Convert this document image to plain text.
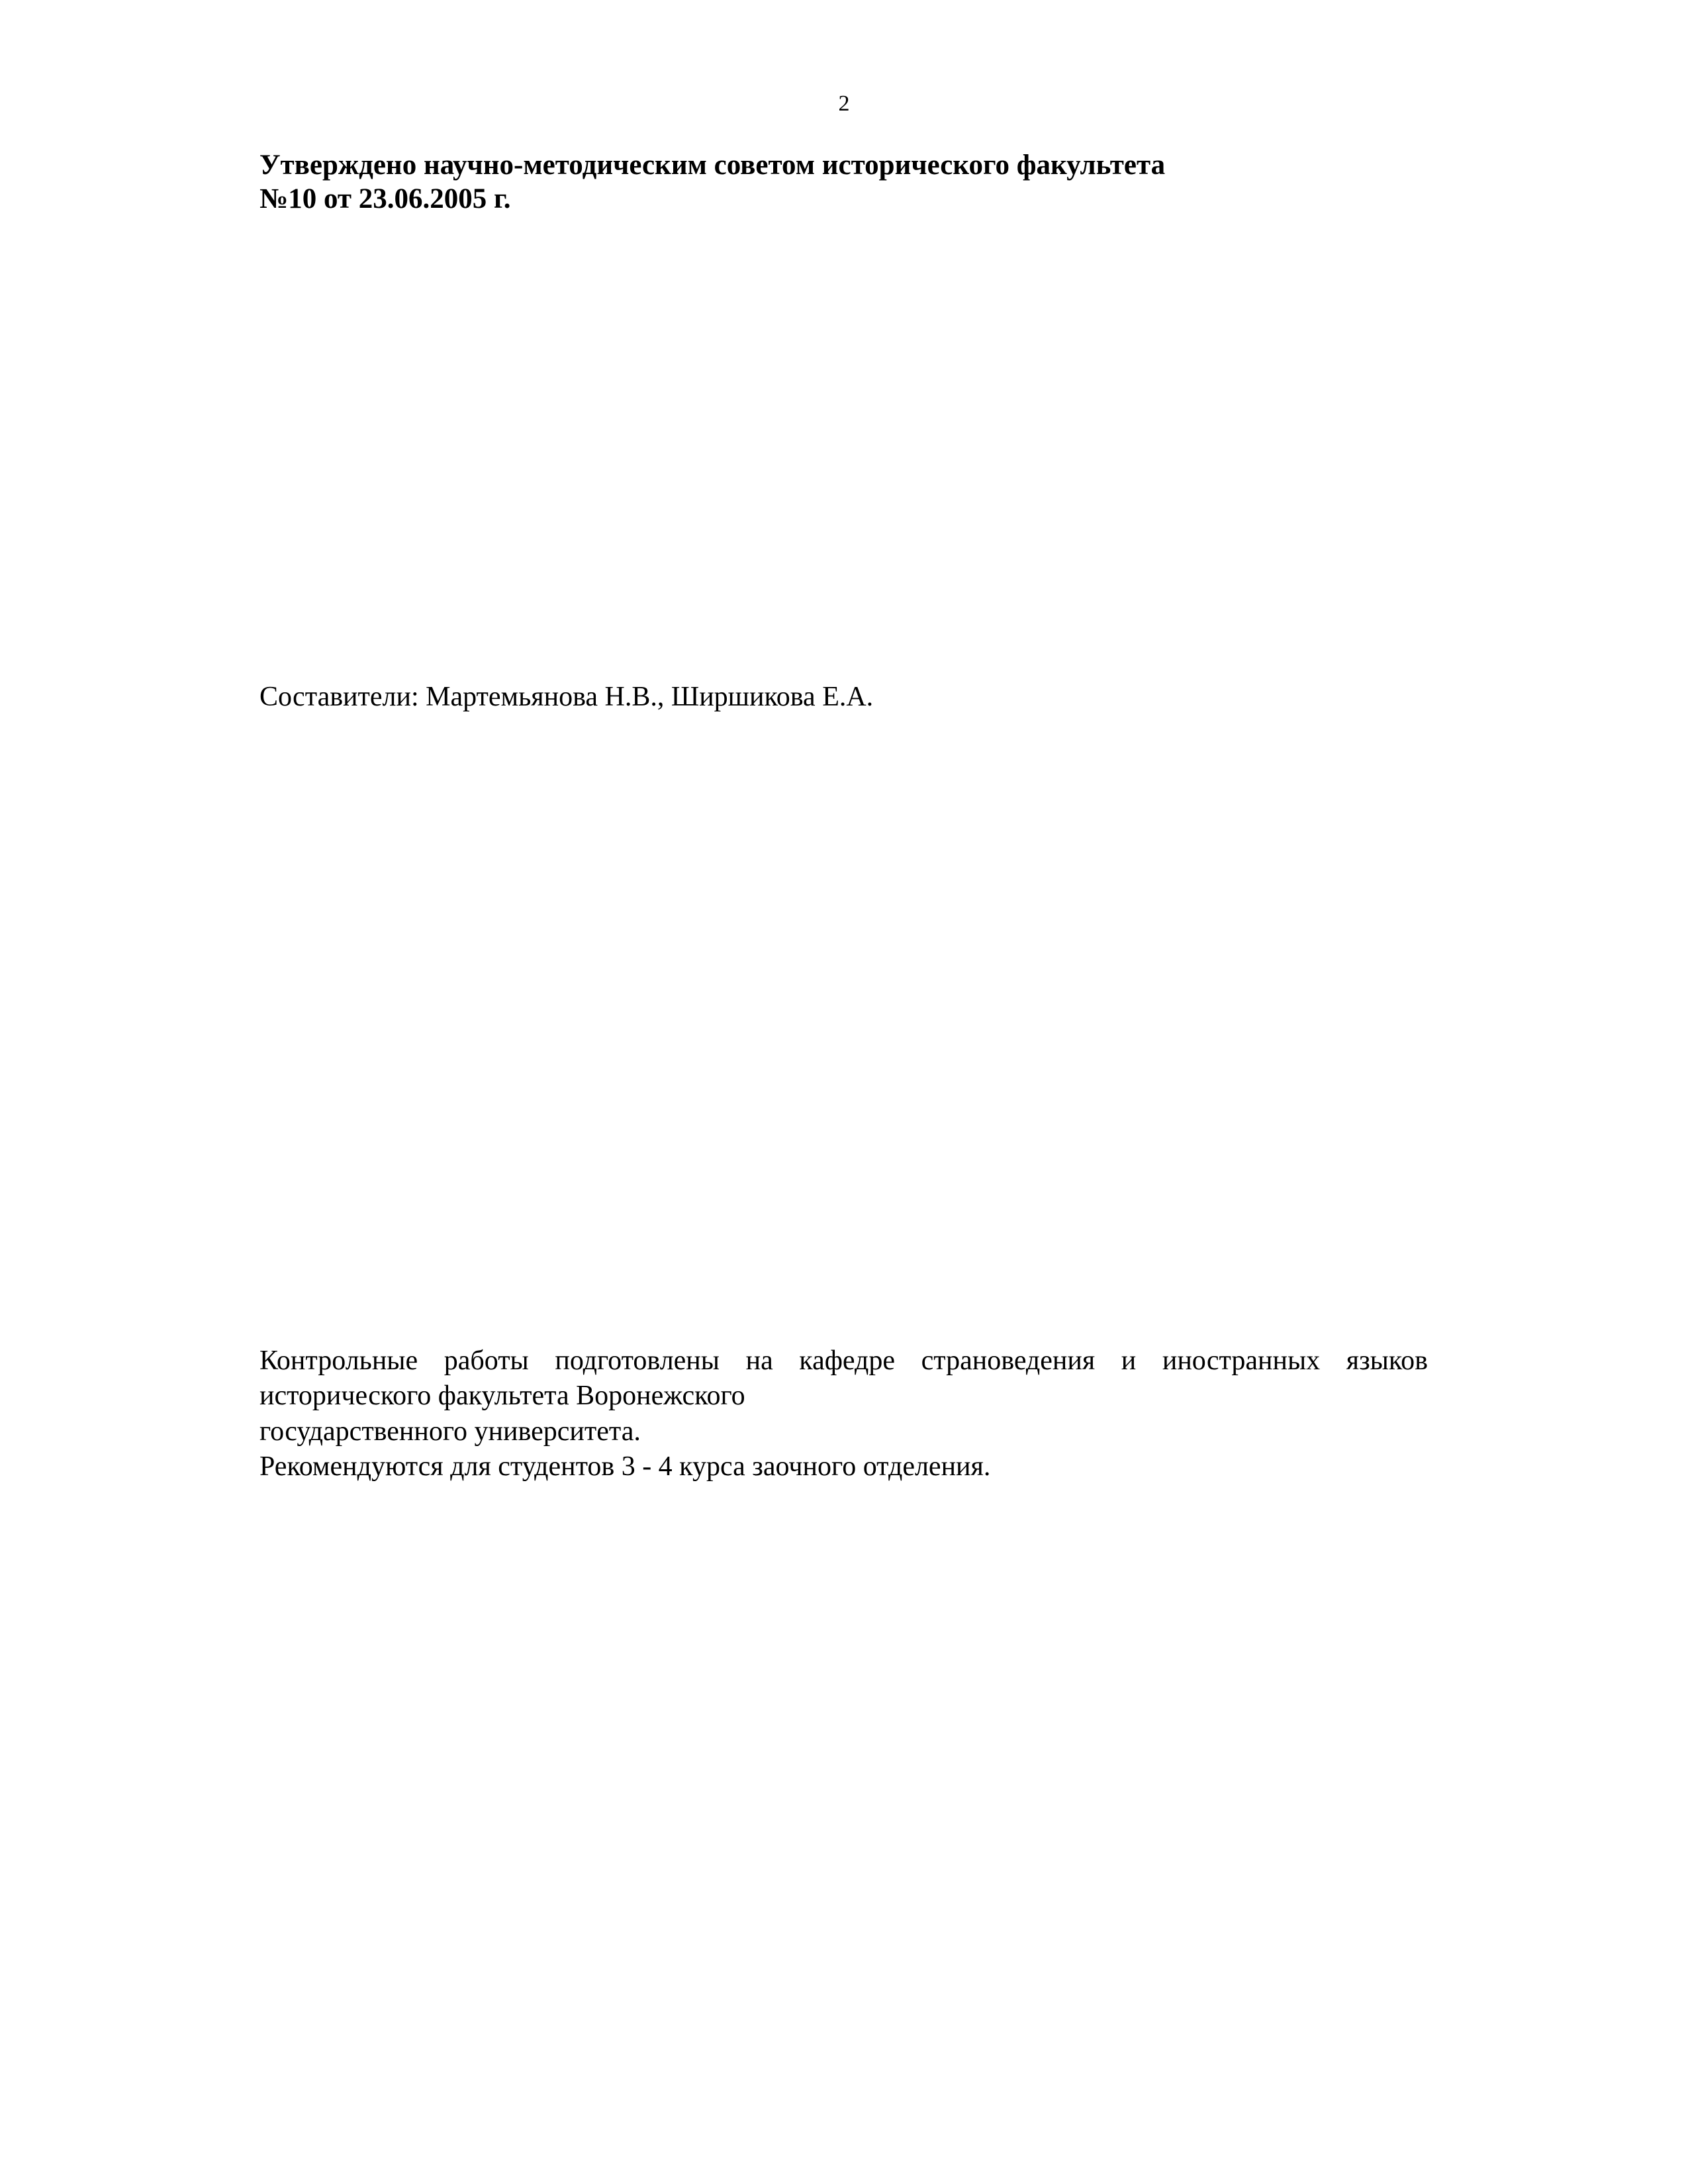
2

Утверждено научно-методическим советом исторического факультета
№10 от 23.06.2005 г.

Составители: Мартемьянова Н.В., Ширшикова Е.А.

Контрольные работы подготовлены на кафедре страноведения и иностранных языков исторического факультета Воронежского
государственного университета.

Рекомендуются для студентов 3 - 4 курса заочного отделения.
